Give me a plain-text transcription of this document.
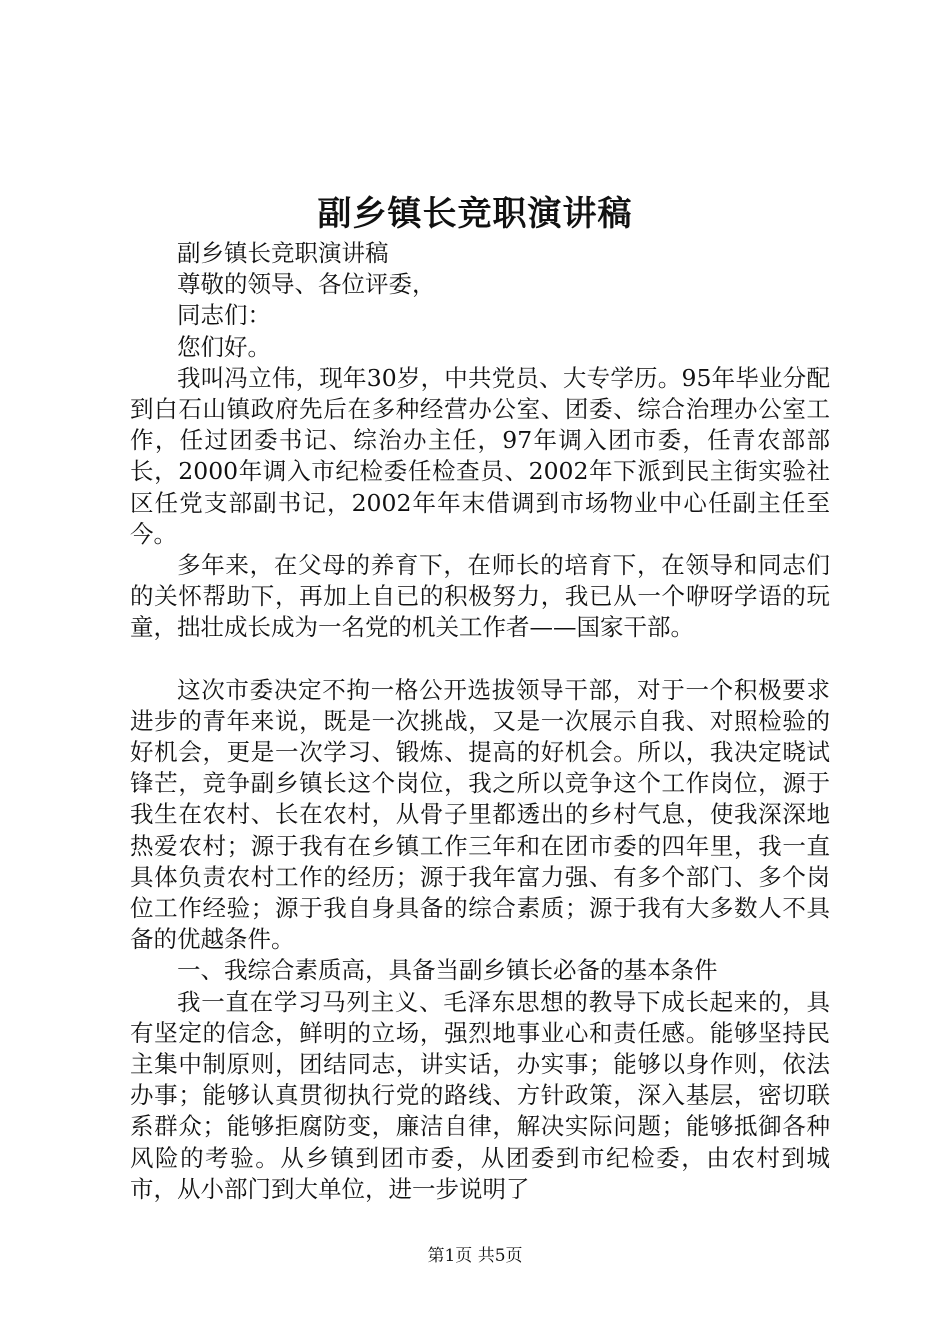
副乡镇长竞职演讲稿

副乡镇长竞职演讲稿

尊敬的领导、各位评委，

同志们：

您们好。

我叫冯立伟，现年30岁，中共党员、大专学历。95年毕业分配到白石山镇政府先后在多种经营办公室、团委、综合治理办公室工作，任过团委书记、综治办主任，97年调入团市委，任青农部部长，2000年调入市纪检委任检查员、2002年下派到民主街实验社区任党支部副书记，2002年年末借调到市场物业中心任副主任至今。

多年来，在父母的养育下，在师长的培育下，在领导和同志们的关怀帮助下，再加上自已的积极努力，我已从一个咿呀学语的玩童，拙壮成长成为一名党的机关工作者——国家干部。

这次市委决定不拘一格公开选拔领导干部，对于一个积极要求进步的青年来说，既是一次挑战，又是一次展示自我、对照检验的好机会，更是一次学习、锻炼、提高的好机会。所以，我决定晓试锋芒，竞争副乡镇长这个岗位，我之所以竞争这个工作岗位，源于我生在农村、长在农村，从骨子里都透出的乡村气息，使我深深地热爱农村；源于我有在乡镇工作三年和在团市委的四年里，我一直具体负责农村工作的经历；源于我年富力强、有多个部门、多个岗位工作经验；源于我自身具备的综合素质；源于我有大多数人不具备的优越条件。

一、我综合素质高，具备当副乡镇长必备的基本条件

我一直在学习马列主义、毛泽东思想的教导下成长起来的，具有坚定的信念，鲜明的立场，强烈地事业心和责任感。能够坚持民主集中制原则，团结同志，讲实话，办实事；能够以身作则，依法办事；能够认真贯彻执行党的路线、方针政策，深入基层，密切联系群众；能够拒腐防变，廉洁自律，解决实际问题；能够抵御各种风险的考验。从乡镇到团市委，从团委到市纪检委，由农村到城市，从小部门到大单位，进一步说明了

第1页 共5页
